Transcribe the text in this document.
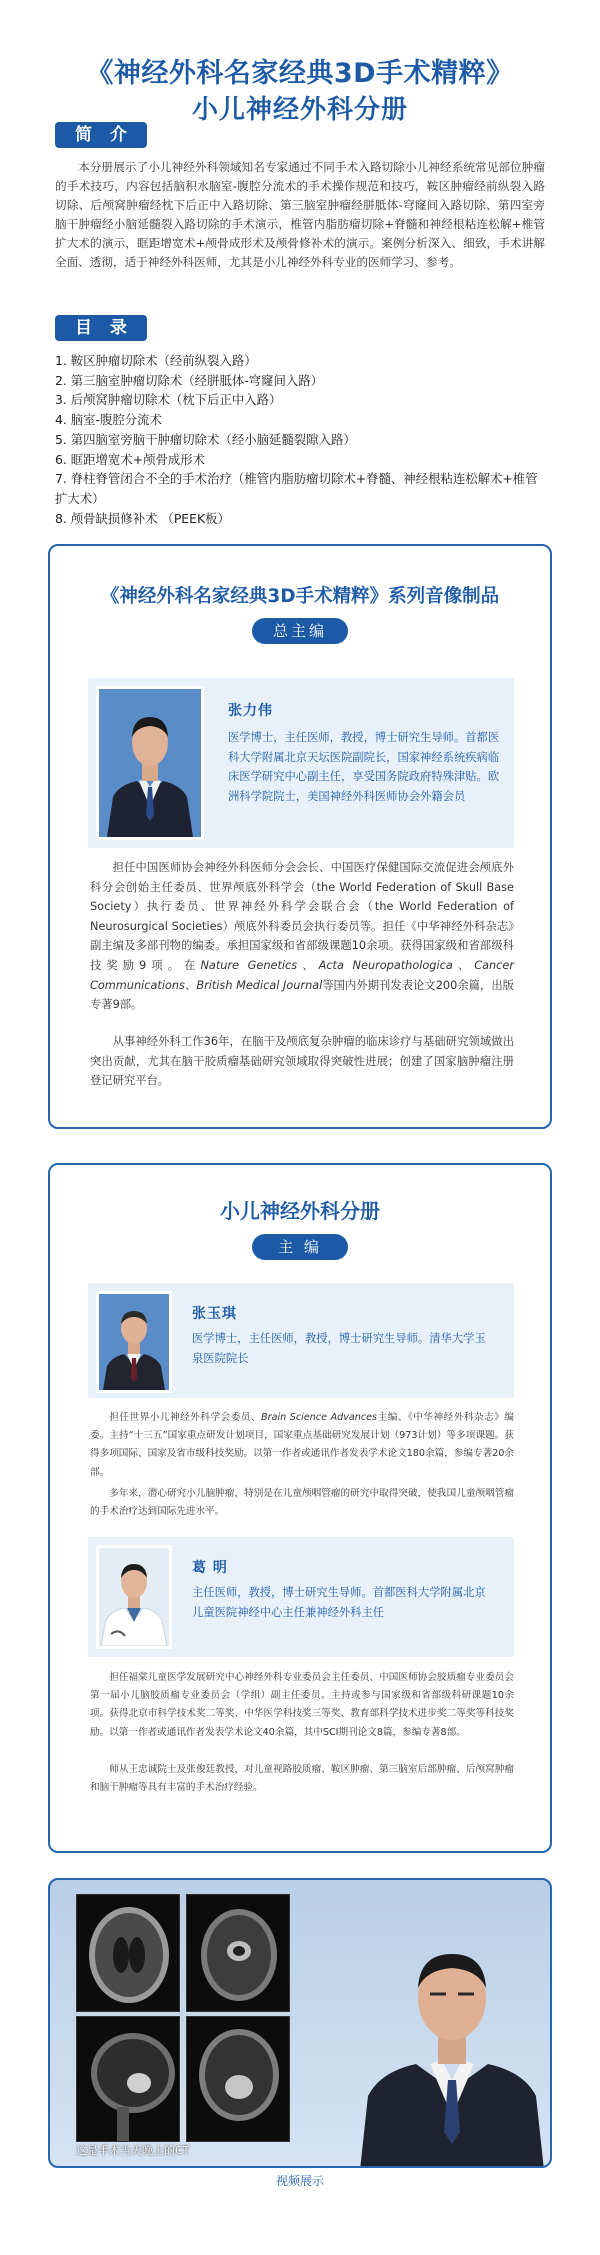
《神经外科名家经典3D手术精粹》
小儿神经外科分册
简 介

本分册展示了小儿神经外科领域知名专家通过不同手术入路切除小儿神经系统常见部位肿瘤的手术技巧，内容包括脑积水脑室-腹腔分流术的手术操作规范和技巧，鞍区肿瘤经前纵裂入路切除、后颅窝肿瘤经枕下后正中入路切除、第三脑室肿瘤经胼胝体-穹窿间入路切除、第四室旁脑干肿瘤经小脑延髓裂入路切除的手术演示，椎管内脂肪瘤切除+脊髓和神经根粘连松解+椎管扩大术的演示，眶距增宽术+颅骨成形术及颅骨修补术的演示。案例分析深入、细致，手术讲解全面、透彻，适于神经外科医师，尤其是小儿神经外科专业的医师学习、参考。

目 录
1. 鞍区肿瘤切除术（经前纵裂入路）
2. 第三脑室肿瘤切除术（经胼胝体-穹窿间入路）
3. 后颅窝肿瘤切除术（枕下后正中入路）
4. 脑室-腹腔分流术
5. 第四脑室旁脑干肿瘤切除术（经小脑延髓裂隙入路）
6. 眶距增宽术+颅骨成形术
7. 脊柱脊管闭合不全的手术治疗（椎管内脂肪瘤切除术+脊髓、神经根粘连松解术+椎管扩大术）
8. 颅骨缺损修补术 （PEEK板）
《神经外科名家经典3D手术精粹》系列音像制品
总主编
张力伟
医学博士，主任医师，教授，博士研究生导师。首都医科大学附属北京天坛医院副院长，国家神经系统疾病临床医学研究中心副主任，享受国务院政府特殊津贴。欧洲科学院院士，美国神经外科医师协会外籍会员

担任中国医师协会神经外科医师分会会长、中国医疗保健国际交流促进会颅底外科分会创始主任委员、世界颅底外科学会（the World Federation of Skull Base Society）执行委员、世界神经外科学会联合会（the World Federation of Neurosurgical Societies）颅底外科委员会执行委员等。担任《中华神经外科杂志》副主编及多部刊物的编委。承担国家级和省部级课题10余项。获得国家级和省部级科技奖励9项。在Nature Genetics、Acta Neuropathologica、Cancer Communications、British Medical Journal等国内外期刊发表论文200余篇，出版专著9部。

从事神经外科工作36年，在脑干及颅底复杂肿瘤的临床诊疗与基础研究领域做出突出贡献，尤其在脑干胶质瘤基础研究领域取得突破性进展；创建了国家脑肿瘤注册登记研究平台。

小儿神经外科分册
主 编
张玉琪
医学博士，主任医师，教授，博士研究生导师。清华大学玉泉医院院长

担任世界小儿神经外科学会委员、Brain Science Advances主编、《中华神经外科杂志》编委。主持“十三五”国家重点研发计划项目，国家重点基础研究发展计划（973计划）等多项课题。获得多项国际、国家及省市级科技奖励。以第一作者或通讯作者发表学术论文180余篇，参编专著20余部。

多年来，潜心研究小儿脑肿瘤，特别是在儿童颅咽管瘤的研究中取得突破，使我国儿童颅咽管瘤的手术治疗达到国际先进水平。

葛 明
主任医师，教授，博士研究生导师。首都医科大学附属北京儿童医院神经中心主任兼神经外科主任

担任福棠儿童医学发展研究中心神经外科专业委员会主任委员、中国医师协会胶质瘤专业委员会第一届小儿脑胶质瘤专业委员会（学组）副主任委员。主持或参与国家级和省部级科研课题10余项。获得北京市科学技术奖二等奖、中华医学科技奖三等奖、教育部科学技术进步奖二等奖等科技奖励。以第一作者或通讯作者发表学术论文40余篇，其中SCI期刊论文8篇，参编专著8部。

师从王忠诚院士及张俊廷教授，对儿童视路胶质瘤、鞍区肿瘤、第三脑室后部肿瘤、后颅窝肿瘤和脑干肿瘤等具有丰富的手术治疗经验。

这是手术当天晚上的CT
视频展示
